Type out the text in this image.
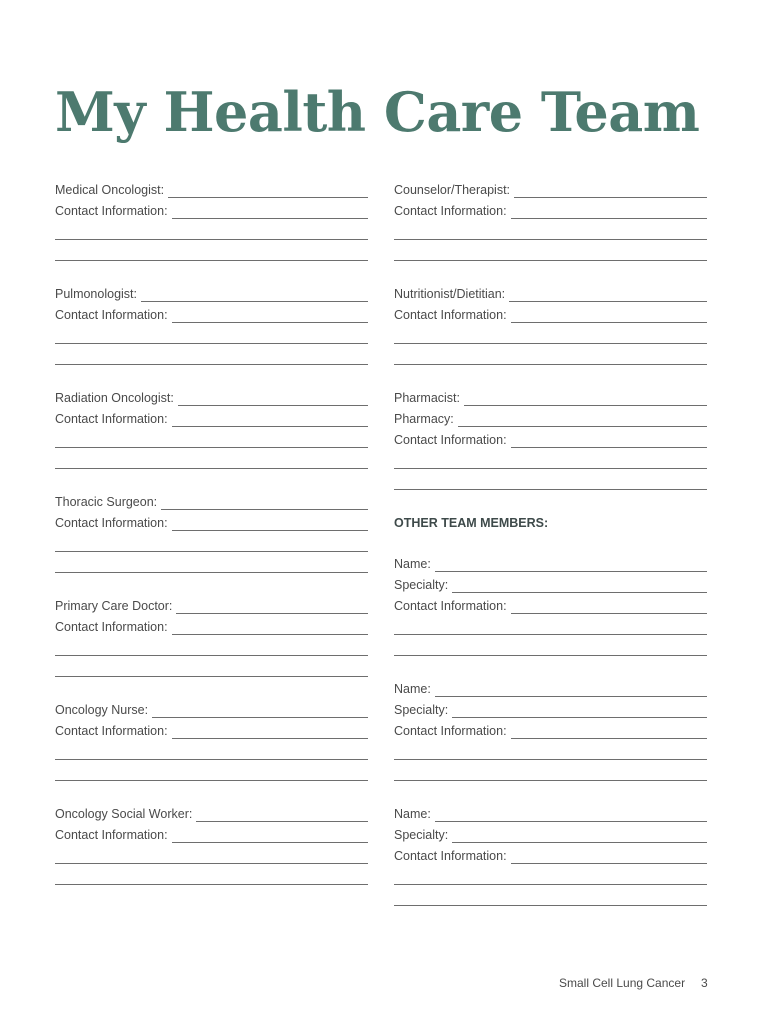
My Health Care Team
Medical Oncologist:
Contact Information:
Pulmonologist:
Contact Information:
Radiation Oncologist:
Contact Information:
Thoracic Surgeon:
Contact Information:
Primary Care Doctor:
Contact Information:
Oncology Nurse:
Contact Information:
Oncology Social Worker:
Contact Information:
Counselor/Therapist:
Contact Information:
Nutritionist/Dietitian:
Contact Information:
Pharmacist:
Pharmacy:
Contact Information:
OTHER TEAM MEMBERS:
Name:
Specialty:
Contact Information:
Name:
Specialty:
Contact Information:
Name:
Specialty:
Contact Information:
Small Cell Lung Cancer 3
